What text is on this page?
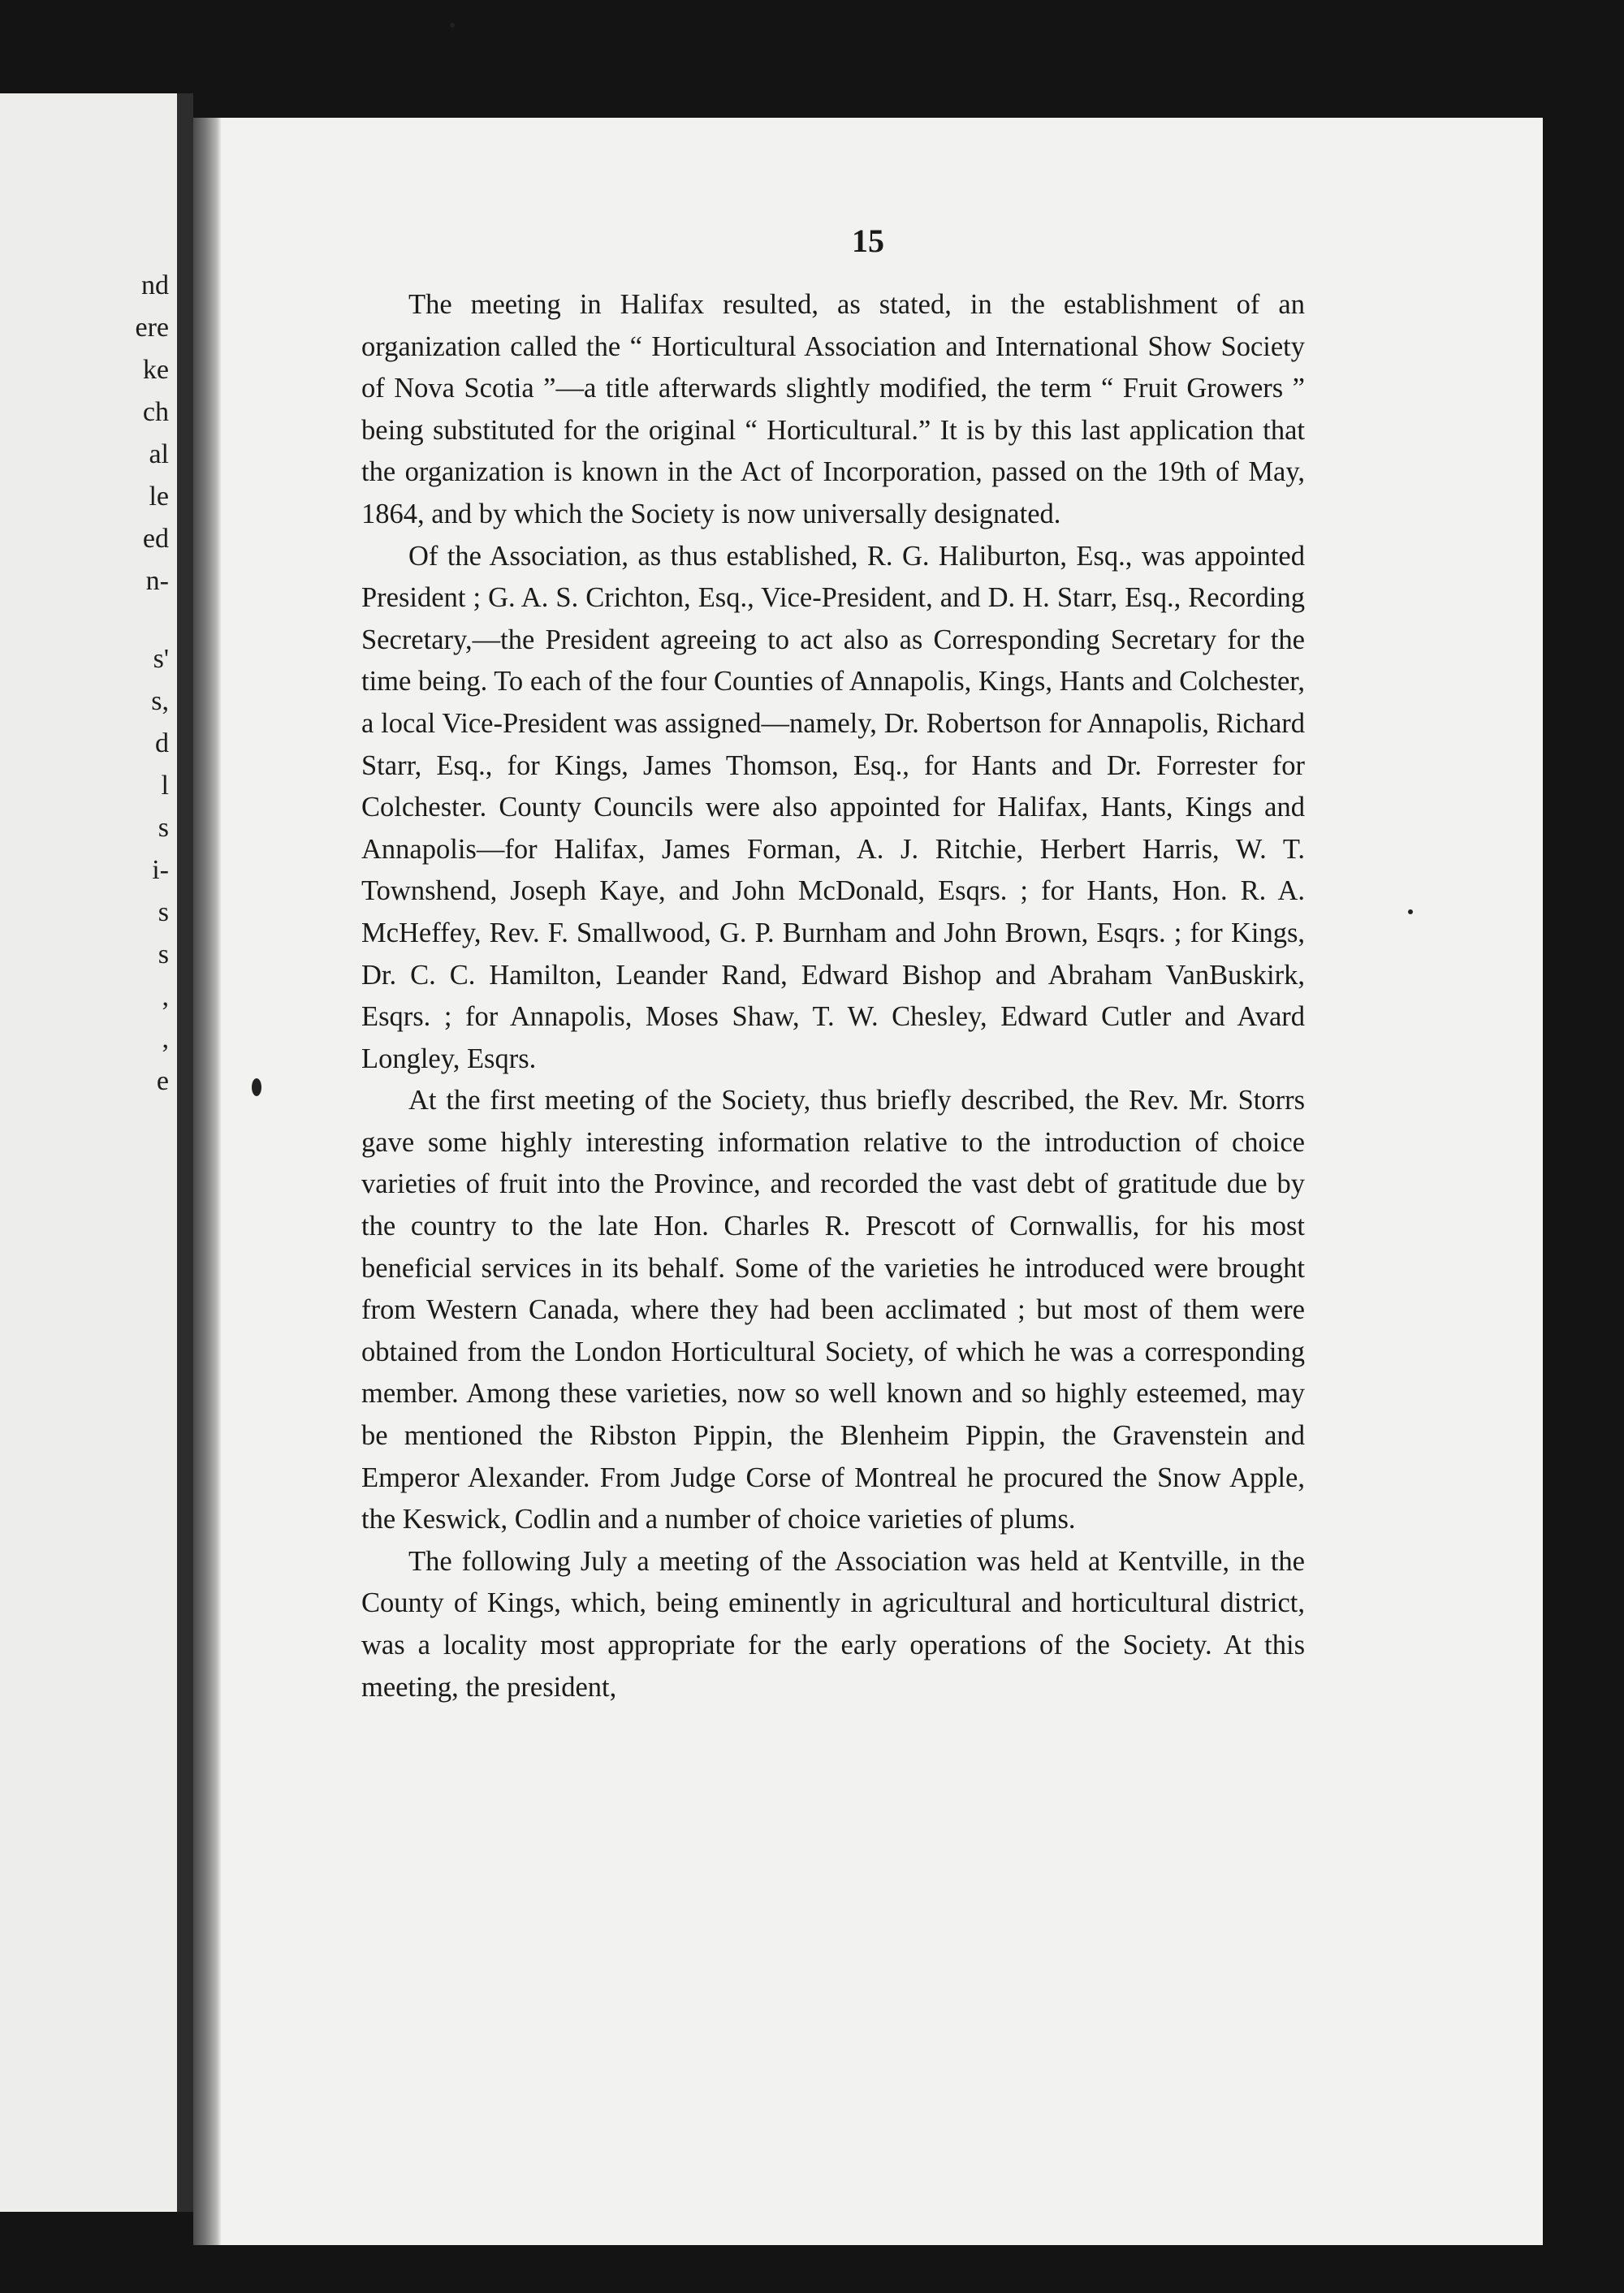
nd
ere
ke
ch
al
le
ed
n-
s'
s,
d
l
s
i-
s
s
,
,
e
15

The meeting in Halifax resulted, as stated, in the establishment of an organization called the “ Horticultural Association and International Show Society of Nova Scotia ”—a title afterwards slightly modified, the term “ Fruit Growers ” being substituted for the original “ Horticultural.” It is by this last application that the organization is known in the Act of Incorporation, passed on the 19th of May, 1864, and by which the Society is now universally designated.

Of the Association, as thus established, R. G. Haliburton, Esq., was appointed President ; G. A. S. Crichton, Esq., Vice-President, and D. H. Starr, Esq., Recording Secretary,—the President agreeing to act also as Corresponding Secretary for the time being. To each of the four Counties of Annapolis, Kings, Hants and Colchester, a local Vice-President was assigned—namely, Dr. Robertson for Annapolis, Richard Starr, Esq., for Kings, James Thomson, Esq., for Hants and Dr. Forrester for Colchester. County Councils were also appointed for Halifax, Hants, Kings and Annapolis—for Halifax, James Forman, A. J. Ritchie, Herbert Harris, W. T. Townshend, Joseph Kaye, and John McDonald, Esqrs. ; for Hants, Hon. R. A. McHeffey, Rev. F. Smallwood, G. P. Burnham and John Brown, Esqrs. ; for Kings, Dr. C. C. Hamilton, Leander Rand, Edward Bishop and Abraham VanBuskirk, Esqrs. ; for Annapolis, Moses Shaw, T. W. Chesley, Edward Cutler and Avard Longley, Esqrs.

At the first meeting of the Society, thus briefly described, the Rev. Mr. Storrs gave some highly interesting information relative to the introduction of choice varieties of fruit into the Province, and recorded the vast debt of gratitude due by the country to the late Hon. Charles R. Prescott of Cornwallis, for his most beneficial services in its behalf. Some of the varieties he introduced were brought from Western Canada, where they had been acclimated ; but most of them were obtained from the London Horticultural Society, of which he was a corresponding member. Among these varieties, now so well known and so highly esteemed, may be mentioned the Ribston Pippin, the Blenheim Pippin, the Gravenstein and Emperor Alexander. From Judge Corse of Montreal he procured the Snow Apple, the Keswick, Codlin and a number of choice varieties of plums.

The following July a meeting of the Association was held at Kentville, in the County of Kings, which, being eminently in agricultural and horticultural district, was a locality most appropriate for the early operations of the Society. At this meeting, the president,
